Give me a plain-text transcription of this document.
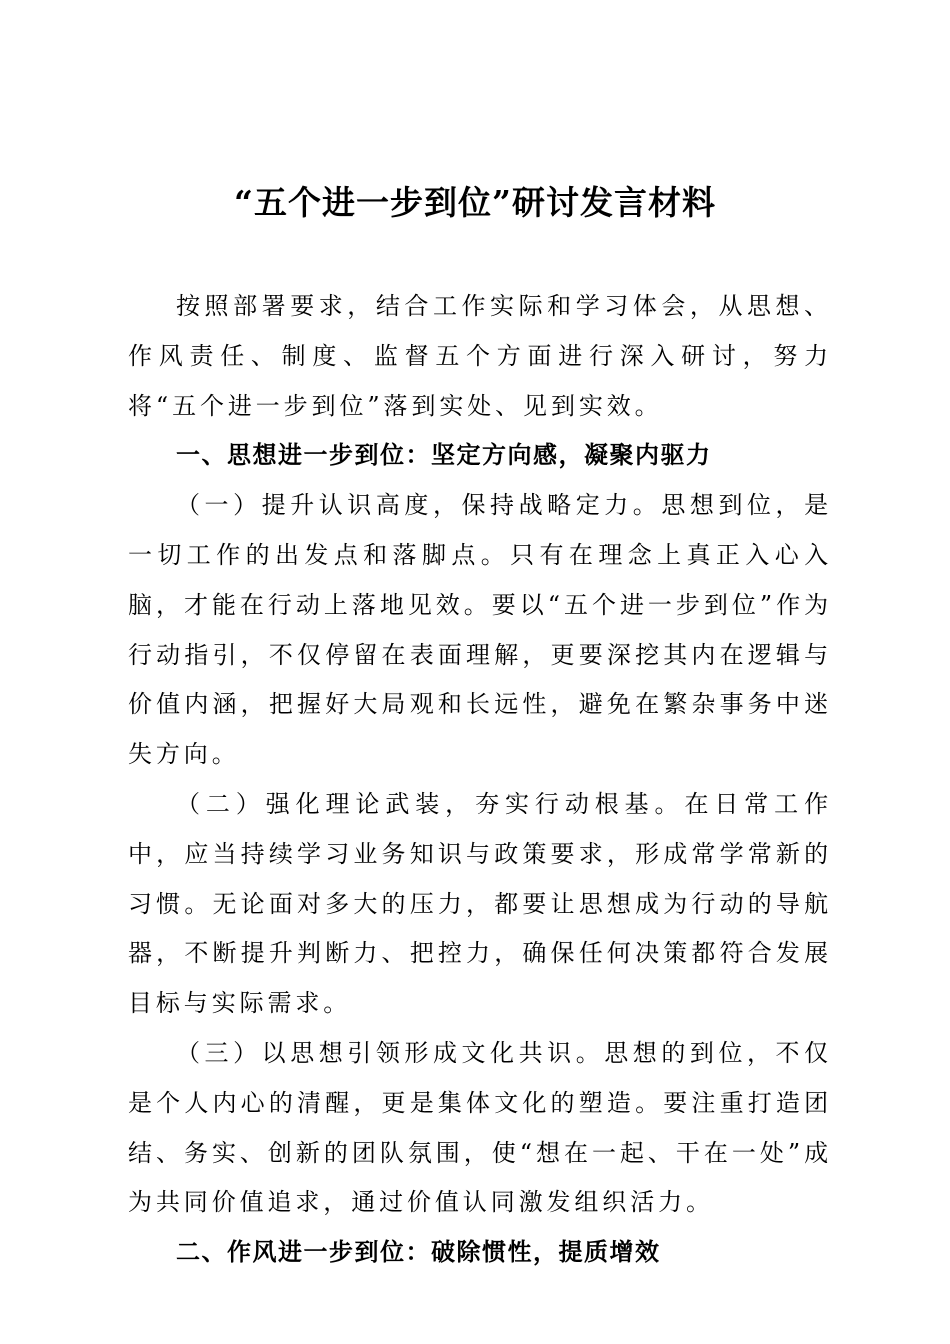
“五个进一步到位”研讨发言材料

按照部署要求，结合工作实际和学习体会，从思想、作风责任、制度、监督五个方面进行深入研讨，努力将“五个进一步到位”落到实处、见到实效。

一、思想进一步到位：坚定方向感，凝聚内驱力

（一）提升认识高度，保持战略定力。思想到位，是一切工作的出发点和落脚点。只有在理念上真正入心入脑，才能在行动上落地见效。要以“五个进一步到位”作为行动指引，不仅停留在表面理解，更要深挖其内在逻辑与价值内涵，把握好大局观和长远性，避免在繁杂事务中迷失方向。

（二）强化理论武装，夯实行动根基。在日常工作中，应当持续学习业务知识与政策要求，形成常学常新的习惯。无论面对多大的压力，都要让思想成为行动的导航器，不断提升判断力、把控力，确保任何决策都符合发展目标与实际需求。

（三）以思想引领形成文化共识。思想的到位，不仅是个人内心的清醒，更是集体文化的塑造。要注重打造团结、务实、创新的团队氛围，使“想在一起、干在一处”成为共同价值追求，通过价值认同激发组织活力。

二、作风进一步到位：破除惯性，提质增效
